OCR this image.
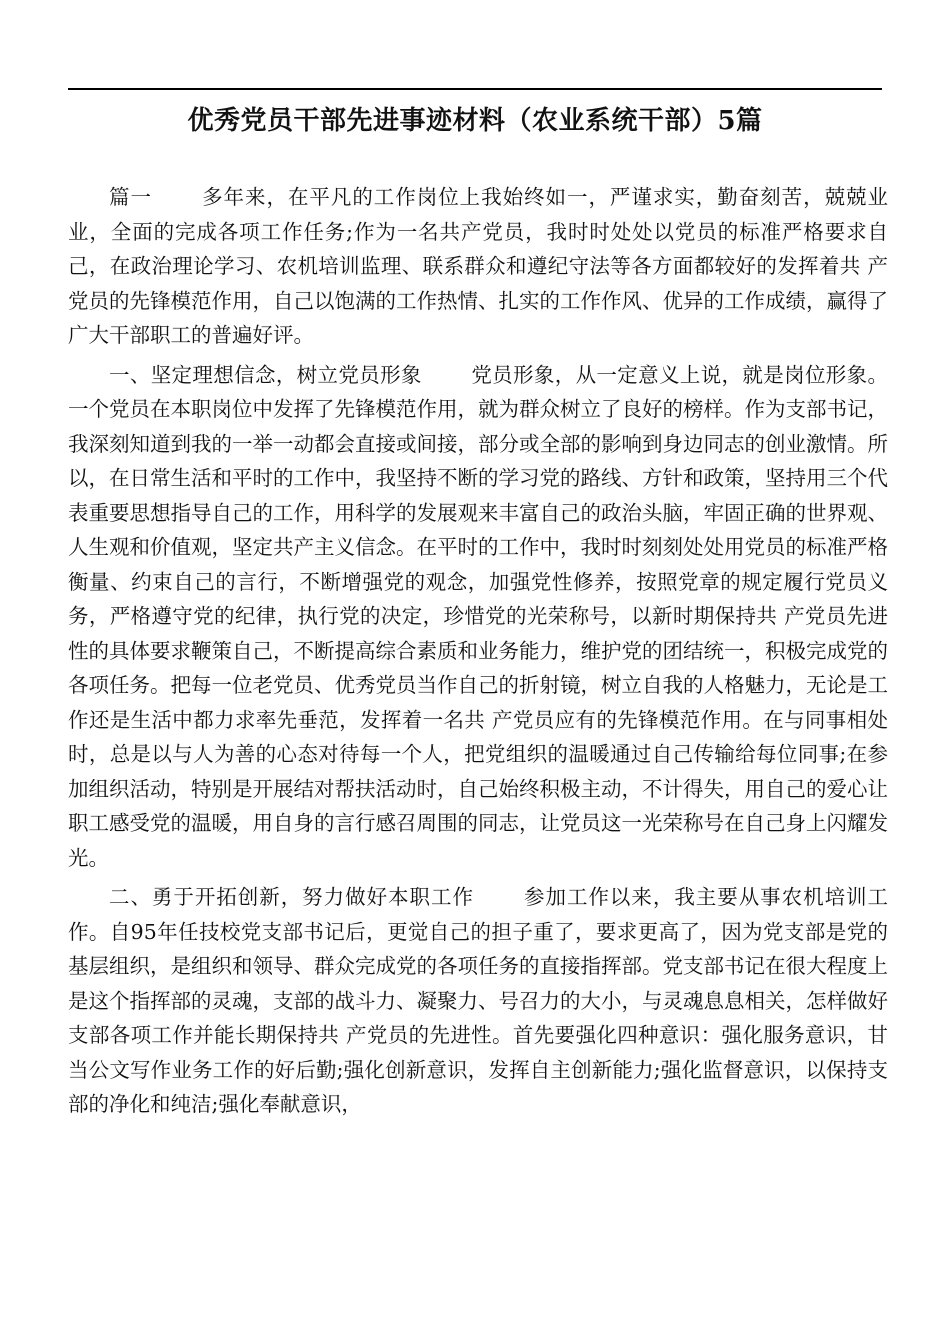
优秀党员干部先进事迹材料（农业系统干部）5篇

篇一 多年来，在平凡的工作岗位上我始终如一，严谨求实，勤奋刻苦，兢兢业业，全面的完成各项工作任务;作为一名共产党员，我时时处处以党员的标准严格要求自己，在政治理论学习、农机培训监理、联系群众和遵纪守法等各方面都较好的发挥着共 产党员的先锋模范作用，自己以饱满的工作热情、扎实的工作作风、优异的工作成绩，赢得了广大干部职工的普遍好评。

一、坚定理想信念，树立党员形象 党员形象，从一定意义上说，就是岗位形象。一个党员在本职岗位中发挥了先锋模范作用，就为群众树立了良好的榜样。作为支部书记，我深刻知道到我的一举一动都会直接或间接，部分或全部的影响到身边同志的创业激情。所以，在日常生活和平时的工作中，我坚持不断的学习党的路线、方针和政策，坚持用三个代表重要思想指导自己的工作，用科学的发展观来丰富自己的政治头脑，牢固正确的世界观、人生观和价值观，坚定共产主义信念。在平时的工作中，我时时刻刻处处用党员的标准严格衡量、约束自己的言行，不断增强党的观念，加强党性修养，按照党章的规定履行党员义务，严格遵守党的纪律，执行党的决定，珍惜党的光荣称号，以新时期保持共 产党员先进性的具体要求鞭策自己，不断提高综合素质和业务能力，维护党的团结统一，积极完成党的各项任务。把每一位老党员、优秀党员当作自己的折射镜，树立自我的人格魅力，无论是工作还是生活中都力求率先垂范，发挥着一名共 产党员应有的先锋模范作用。在与同事相处时，总是以与人为善的心态对待每一个人，把党组织的温暖通过自己传输给每位同事;在参加组织活动，特别是开展结对帮扶活动时，自己始终积极主动，不计得失，用自己的爱心让职工感受党的温暖，用自身的言行感召周围的同志，让党员这一光荣称号在自己身上闪耀发光。

二、勇于开拓创新，努力做好本职工作 参加工作以来，我主要从事农机培训工作。自95年任技校党支部书记后，更觉自己的担子重了，要求更高了，因为党支部是党的基层组织，是组织和领导、群众完成党的各项任务的直接指挥部。党支部书记在很大程度上是这个指挥部的灵魂，支部的战斗力、凝聚力、号召力的大小，与灵魂息息相关，怎样做好支部各项工作并能长期保持共 产党员的先进性。首先要强化四种意识：强化服务意识，甘当公文写作业务工作的好后勤;强化创新意识，发挥自主创新能力;强化监督意识，以保持支部的净化和纯洁;强化奉献意识，
